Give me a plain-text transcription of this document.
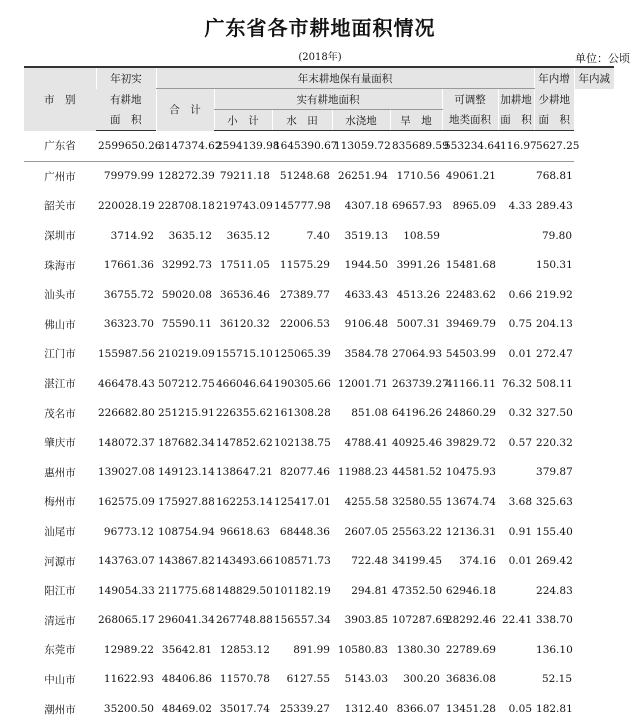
广东省各市耕地面积情况
(2018年)	单位：公顷
市　别	年初实	年末耕地保有量面积							年内增	年内减
	有耕地	合　计	实有耕地面积				可调整	加耕地	少耕地	
	面　积		小　计	水　田	水浇地	旱　地	地类面积	面　积	面　积	
广东省	2599650.26	3147374.62	2594139.98	1645390.67	113059.72	835689.59	553234.64	116.97	5627.25	
广州市	79979.99	128272.39	79211.18	51248.68	26251.94	1710.56	49061.21		768.81	
韶关市	220028.19	228708.18	219743.09	145777.98	4307.18	69657.93	8965.09	4.33	289.43	
深圳市	3714.92	3635.12	3635.12	7.40	3519.13	108.59			79.80	
珠海市	17661.36	32992.73	17511.05	11575.29	1944.50	3991.26	15481.68		150.31	
汕头市	36755.72	59020.08	36536.46	27389.77	4633.43	4513.26	22483.62	0.66	219.92	
佛山市	36323.70	75590.11	36120.32	22006.53	9106.48	5007.31	39469.79	0.75	204.13	
江门市	155987.56	210219.09	155715.10	125065.39	3584.78	27064.93	54503.99	0.01	272.47	
湛江市	466478.43	507212.75	466046.64	190305.66	12001.71	263739.27	41166.11	76.32	508.11	
茂名市	226682.80	251215.91	226355.62	161308.28	851.08	64196.26	24860.29	0.32	327.50	
肇庆市	148072.37	187682.34	147852.62	102138.75	4788.41	40925.46	39829.72	0.57	220.32	
惠州市	139027.08	149123.14	138647.21	82077.46	11988.23	44581.52	10475.93		379.87	
梅州市	162575.09	175927.88	162253.14	125417.01	4255.58	32580.55	13674.74	3.68	325.63	
汕尾市	96773.12	108754.94	96618.63	68448.36	2607.05	25563.22	12136.31	0.91	155.40	
河源市	143763.07	143867.82	143493.66	108571.73	722.48	34199.45	374.16	0.01	269.42	
阳江市	149054.33	211775.68	148829.50	101182.19	294.81	47352.50	62946.18		224.83	
清远市	268065.17	296041.34	267748.88	156557.34	3903.85	107287.69	28292.46	22.41	338.70	
东莞市	12989.22	35642.81	12853.12	891.99	10580.83	1380.30	22789.69		136.10	
中山市	11622.93	48406.86	11570.78	6127.55	5143.03	300.20	36836.08		52.15	
潮州市	35200.50	48469.02	35017.74	25339.27	1312.40	8366.07	13451.28	0.05	182.81	
